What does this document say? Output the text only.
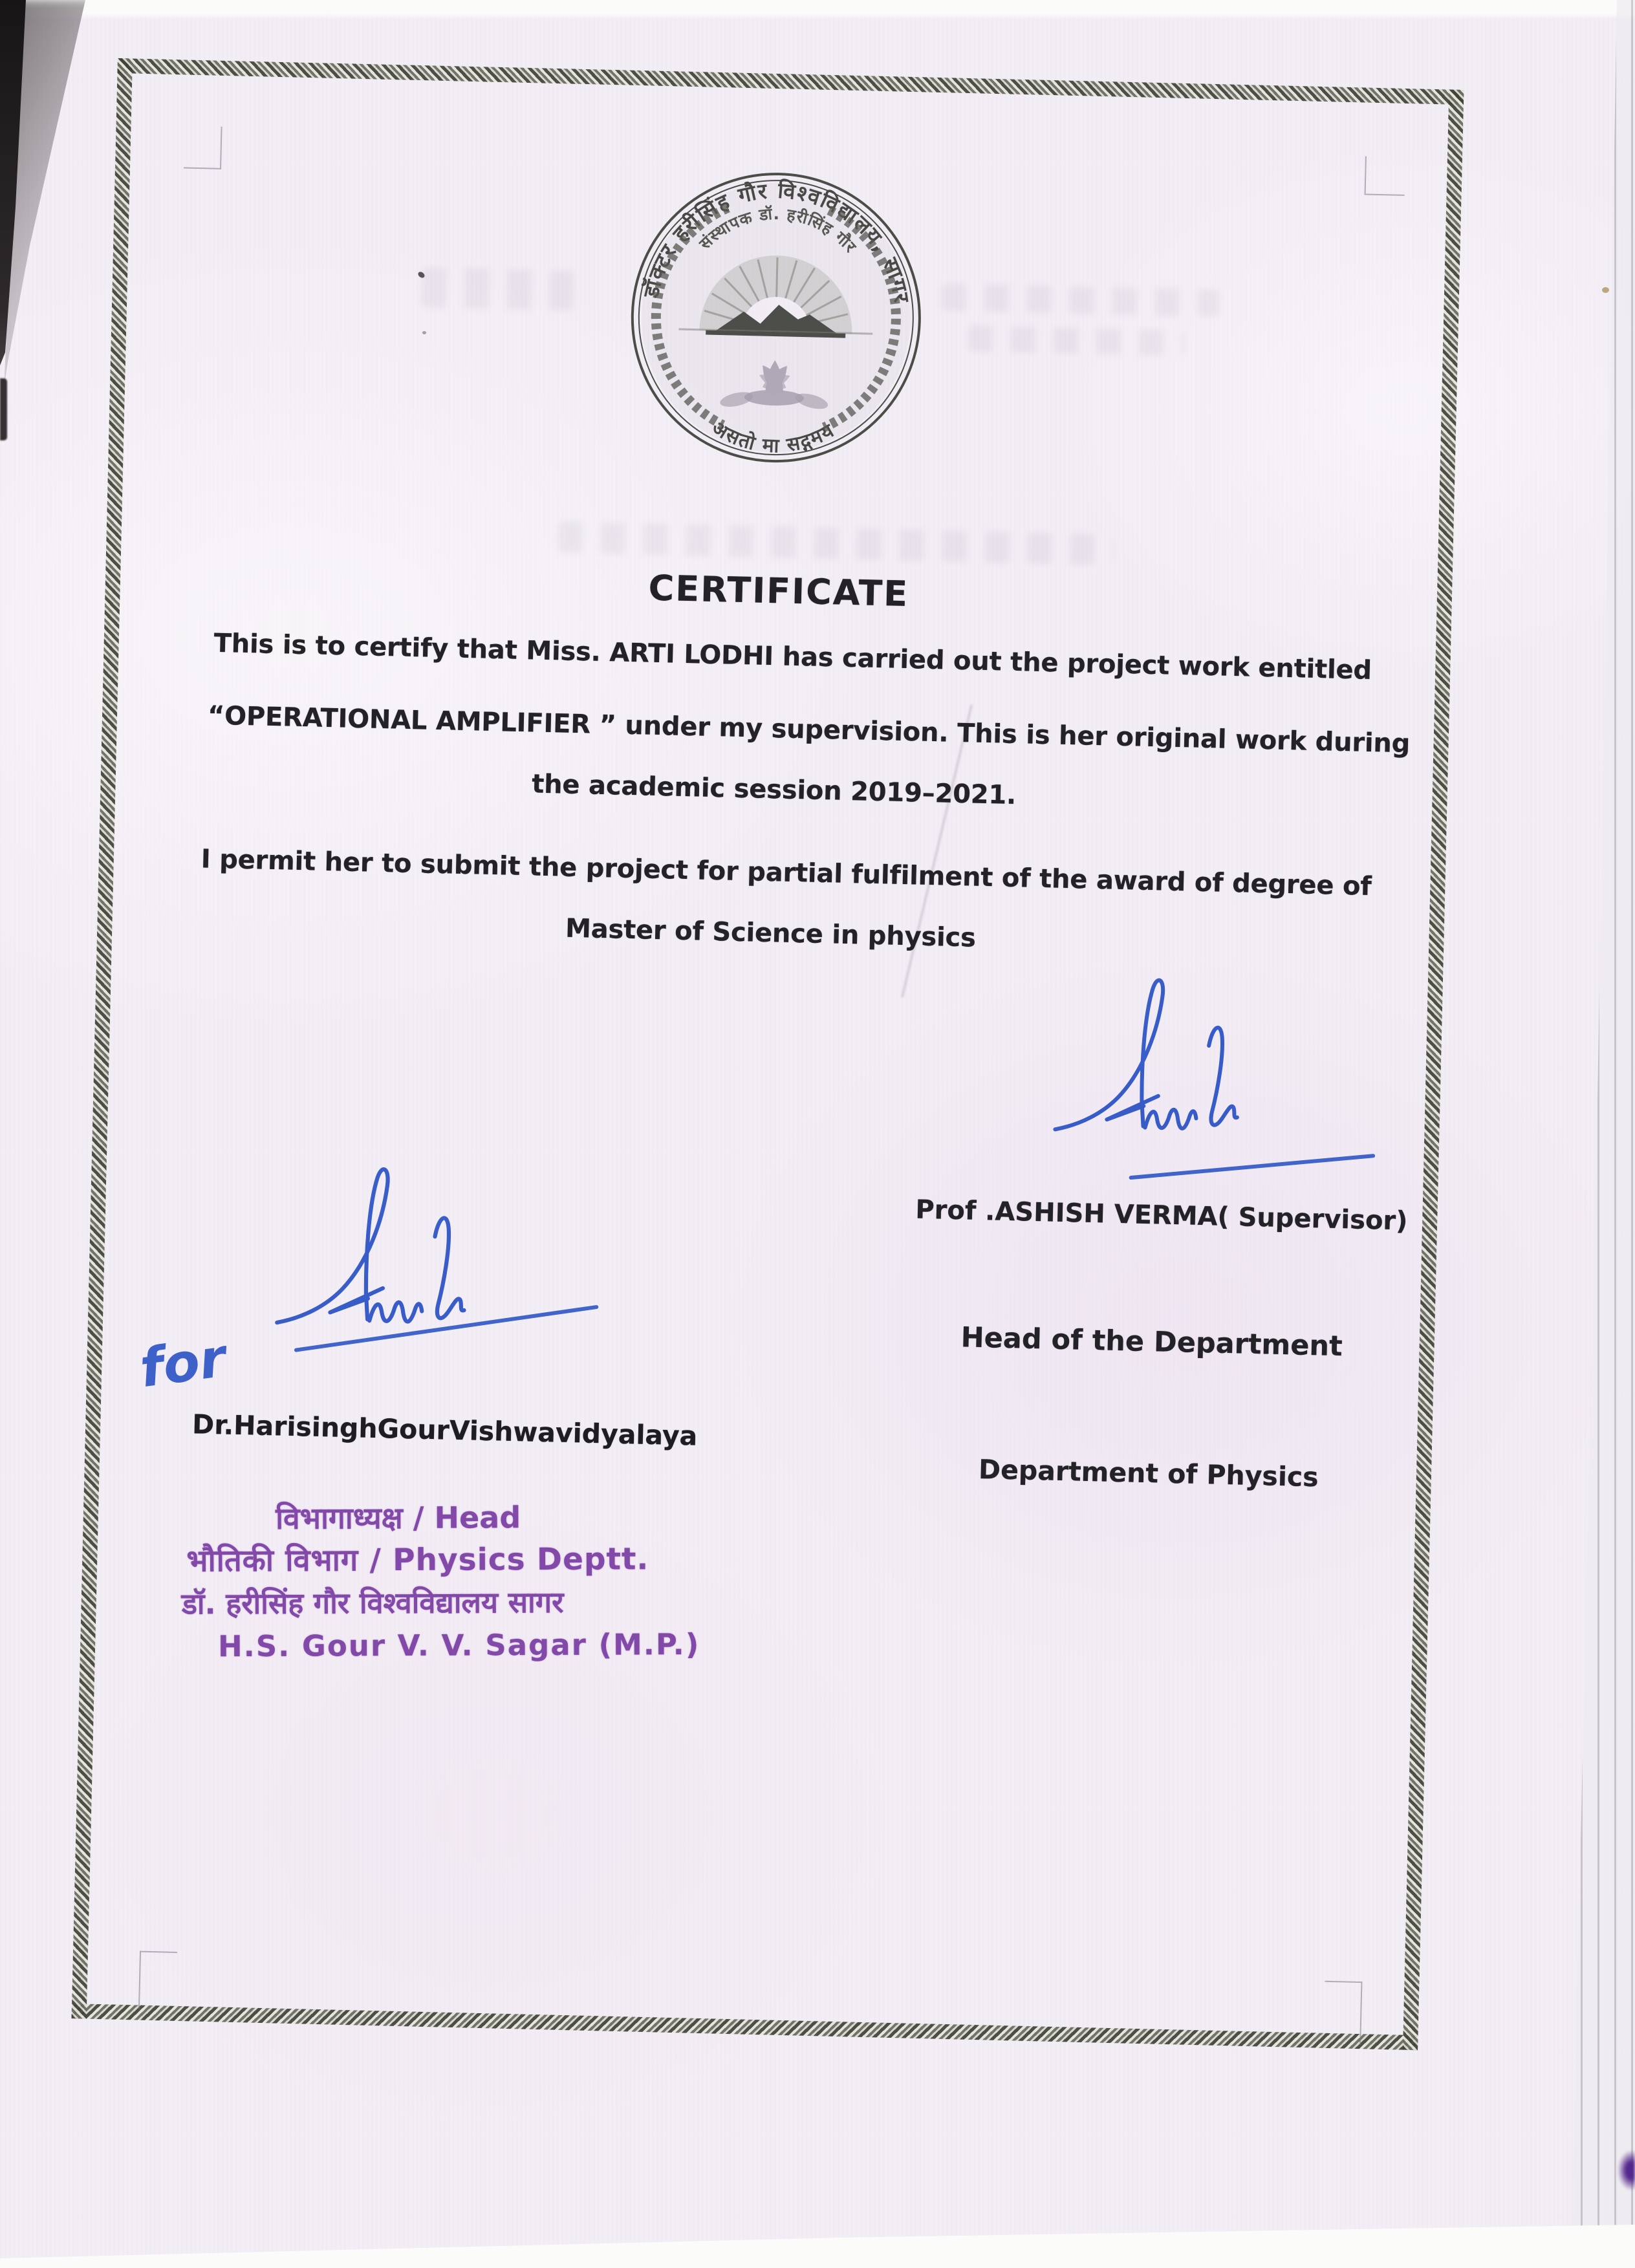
डॉक्टर हरीसिंह गौर विश्वविद्यालय, सागर
संस्थापक डॉ. हरीसिंह गौर
असतो मा सद्गमय
CERTIFICATE
This is to certify that Miss. ARTI LODHI has carried out the project work entitled
“OPERATIONAL AMPLIFIER ” under my supervision. This is her original work during
the academic session 2019–2021.
I permit her to submit the project for partial fulfilment of the award of degree of
Master of Science in physics
Prof .ASHISH VERMA( Supervisor)
Head of the Department
Department of Physics
for
Dr.HarisinghGourVishwavidyalaya
विभागाध्यक्ष / Head
भौतिकी विभाग / Physics Deptt.
डॉ. हरीसिंह गौर विश्वविद्यालय सागर
H.S. Gour V. V. Sagar (M.P.)
